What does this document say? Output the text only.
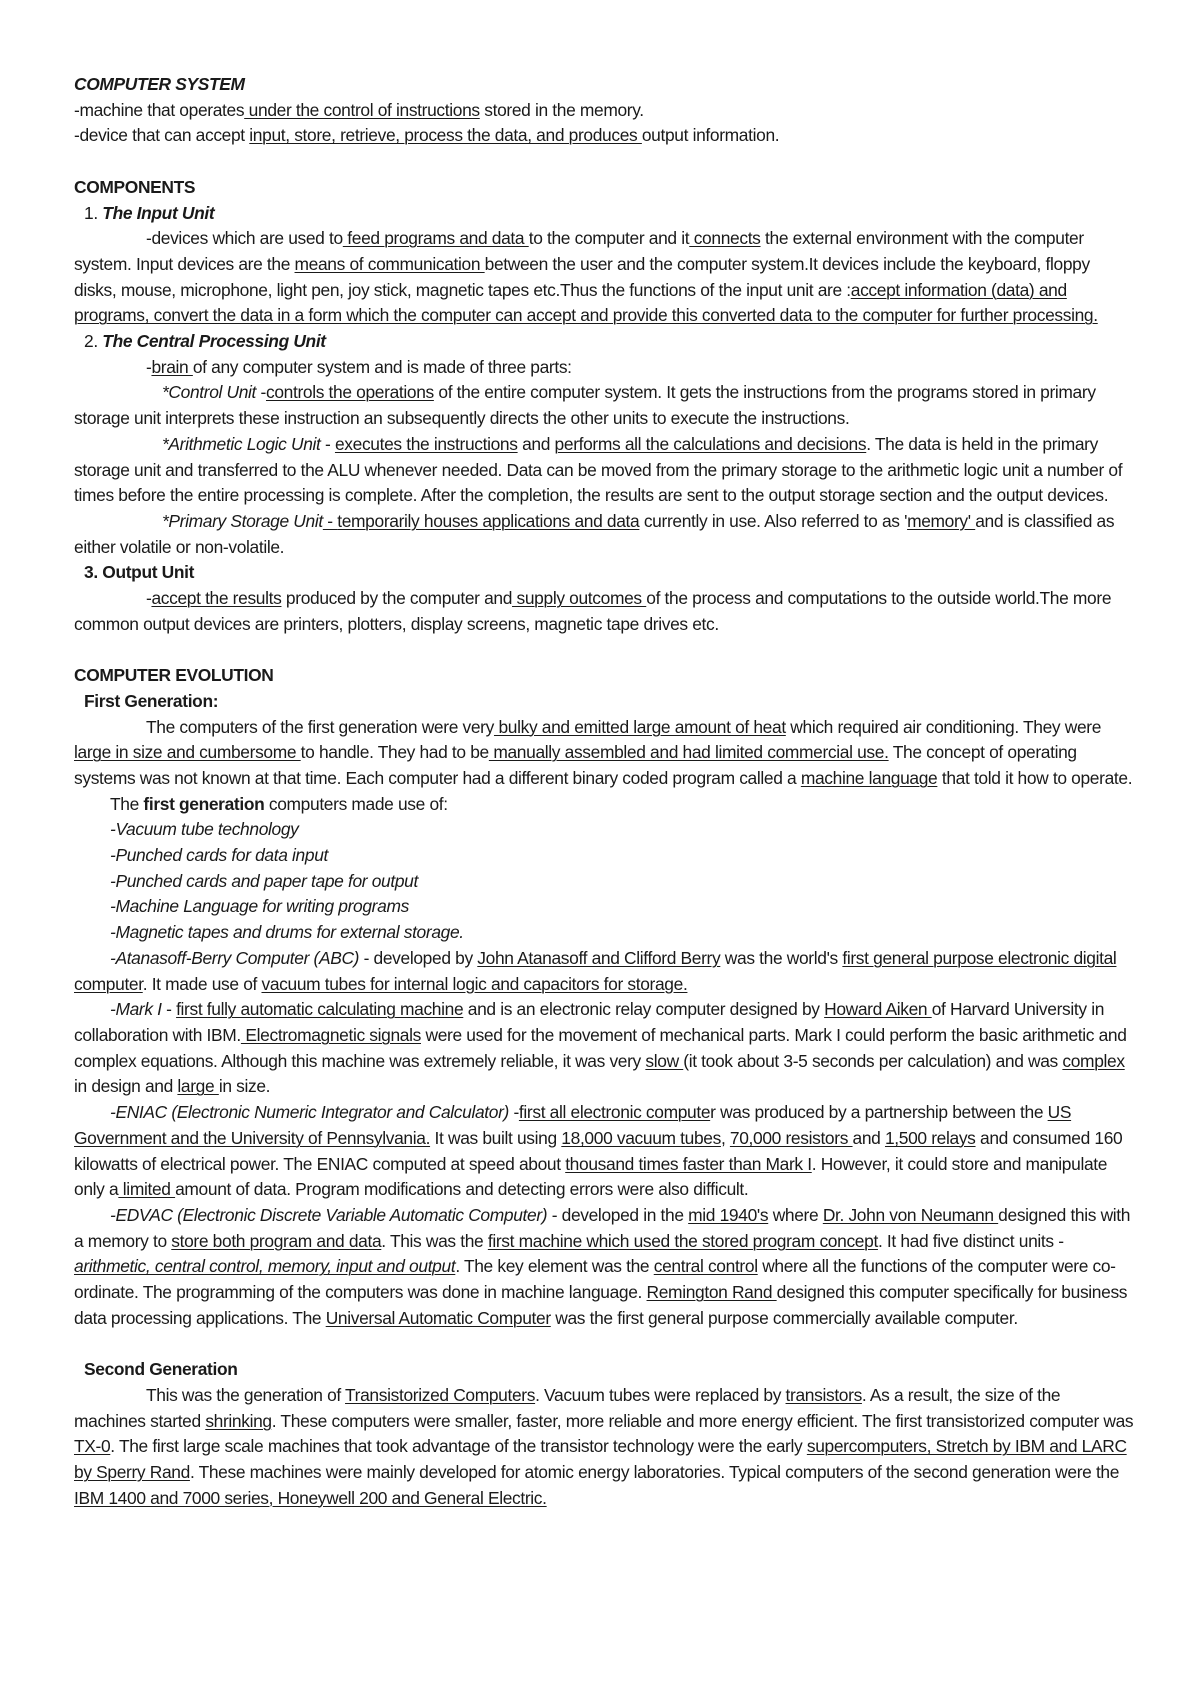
COMPUTER SYSTEM

-machine that operates under the control of instructions stored in the memory.

-device that can accept input, store, retrieve, process the data, and produces output information.

COMPONENTS

1. The Input Unit

-devices which are used to feed programs and data to the computer and it connects the external environment with the computer system. Input devices are the means of communication between the user and the computer system.It devices include the keyboard, floppy disks, mouse, microphone, light pen, joy stick, magnetic tapes etc.Thus the functions of the input unit are :accept information (data) and programs, convert the data in a form which the computer can accept and provide this converted data to the computer for further processing.

2. The Central Processing Unit

-brain of any computer system and is made of three parts:

*Control Unit -controls the operations of the entire computer system. It gets the instructions from the programs stored in primary storage unit interprets these instruction an subsequently directs the other units to execute the instructions.

*Arithmetic Logic Unit - executes the instructions and performs all the calculations and decisions. The data is held in the primary storage unit and transferred to the ALU whenever needed. Data can be moved from the primary storage to the arithmetic logic unit a number of times before the entire processing is complete. After the completion, the results are sent to the output storage section and the output devices.

*Primary Storage Unit - temporarily houses applications and data currently in use. Also referred to as 'memory' and is classified as either volatile or non-volatile.

3. Output Unit

-accept the results produced by the computer and supply outcomes of the process and computations to the outside world.The more common output devices are printers, plotters, display screens, magnetic tape drives etc.

COMPUTER EVOLUTION

First Generation:

The computers of the first generation were very bulky and emitted large amount of heat which required air conditioning. They were large in size and cumbersome to handle. They had to be manually assembled and had limited commercial use. The concept of operating systems was not known at that time. Each computer had a different binary coded program called a machine language that told it how to operate.

The first generation computers made use of:

-Vacuum tube technology

-Punched cards for data input

-Punched cards and paper tape for output

-Machine Language for writing programs

-Magnetic tapes and drums for external storage.

-Atanasoff-Berry Computer (ABC) - developed by John Atanasoff and Clifford Berry was the world's first general purpose electronic digital computer. It made use of vacuum tubes for internal logic and capacitors for storage.

-Mark I - first fully automatic calculating machine and is an electronic relay computer designed by Howard Aiken of Harvard University in collaboration with IBM. Electromagnetic signals were used for the movement of mechanical parts. Mark I could perform the basic arithmetic and complex equations. Although this machine was extremely reliable, it was very slow (it took about 3-5 seconds per calculation) and was complex in design and large in size.

-ENIAC (Electronic Numeric Integrator and Calculator) -first all electronic computer was produced by a partnership between the US Government and the University of Pennsylvania. It was built using 18,000 vacuum tubes, 70,000 resistors and 1,500 relays and consumed 160 kilowatts of electrical power. The ENIAC computed at speed about thousand times faster than Mark I. However, it could store and manipulate only a limited amount of data. Program modifications and detecting errors were also difficult.

-EDVAC (Electronic Discrete Variable Automatic Computer) - developed in the mid 1940's where Dr. John von Neumann designed this with a memory to store both program and data. This was the first machine which used the stored program concept. It had five distinct units - arithmetic, central control, memory, input and output. The key element was the central control where all the functions of the computer were co-ordinate. The programming of the computers was done in machine language. Remington Rand designed this computer specifically for business data processing applications. The Universal Automatic Computer was the first general purpose commercially available computer.

Second Generation

This was the generation of Transistorized Computers. Vacuum tubes were replaced by transistors. As a result, the size of the machines started shrinking. These computers were smaller, faster, more reliable and more energy efficient. The first transistorized computer was TX-0. The first large scale machines that took advantage of the transistor technology were the early supercomputers, Stretch by IBM and LARC by Sperry Rand. These machines were mainly developed for atomic energy laboratories. Typical computers of the second generation were the IBM 1400 and 7000 series, Honeywell 200 and General Electric.
